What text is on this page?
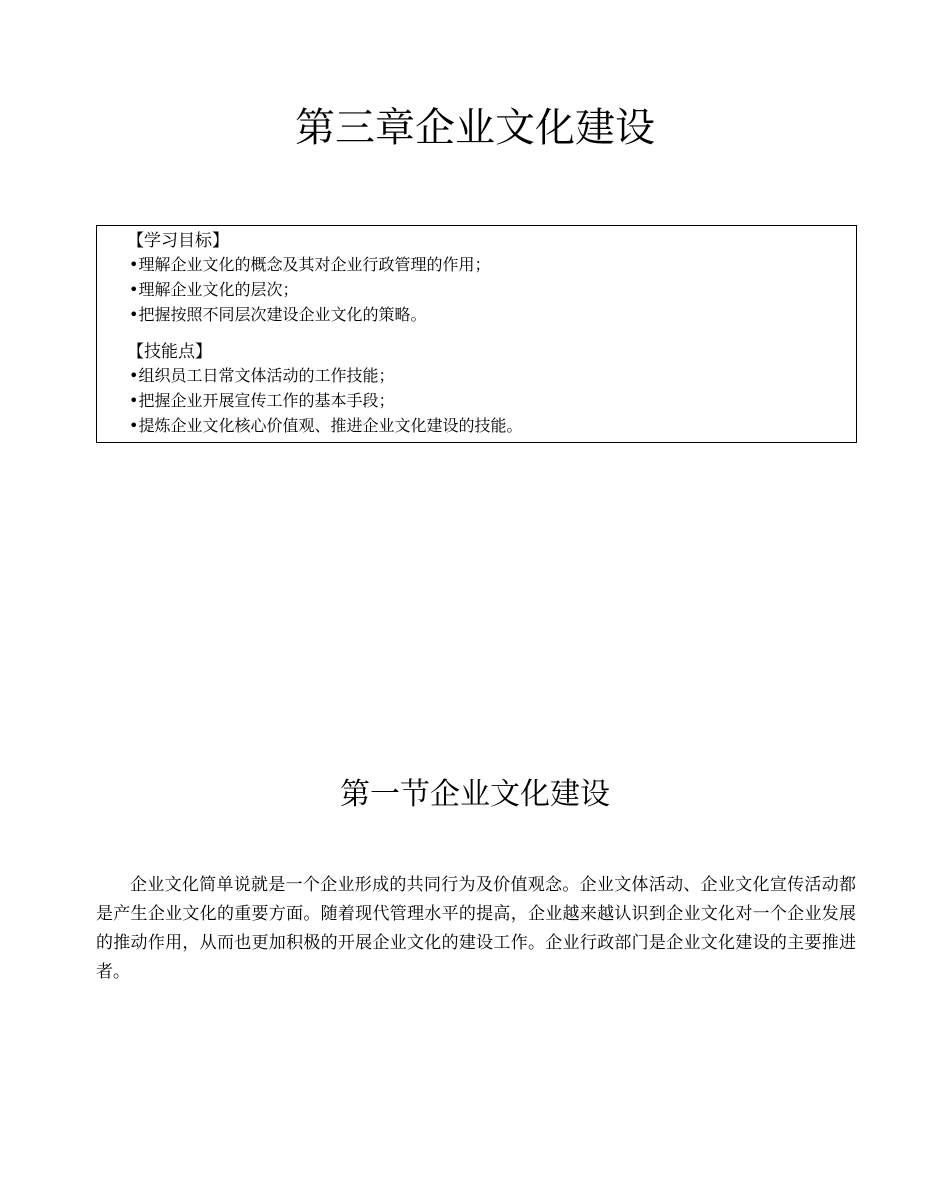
第三章企业文化建设
【学习目标】
•理解企业文化的概念及其对企业行政管理的作用；
•理解企业文化的层次；
•把握按照不同层次建设企业文化的策略。
【技能点】
•组织员工日常文体活动的工作技能；
•把握企业开展宣传工作的基本手段；
•提炼企业文化核心价值观、推进企业文化建设的技能。
第一节企业文化建设

企业文化简单说就是一个企业形成的共同行为及价值观念。企业文体活动、企业文化宣传活动都是产生企业文化的重要方面。随着现代管理水平的提高，企业越来越认识到企业文化对一个企业发展的推动作用，从而也更加积极的开展企业文化的建设工作。企业行政部门是企业文化建设的主要推进者。
